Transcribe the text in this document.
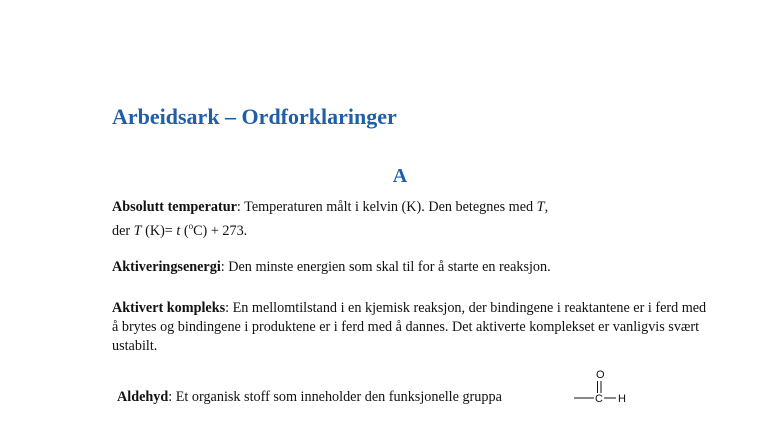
Arbeidsark – Ordforklaringer
A

Absolutt temperatur: Temperaturen målt i kelvin (K). Den betegnes med T,
der T (K)= t ($^o$C) + 273.

Aktiveringsenergi: Den minste energien som skal til for å starte en reaksjon.

Aktivert kompleks: En mellomtilstand i en kjemisk reaksjon, der bindingene i reaktantene er i ferd med å brytes og bindingene i produktene er i ferd med å dannes. Det aktiverte komplekset er vanligvis svært ustabilt.

Aldehyd: Et organisk stoff som inneholder den funksjonelle gruppa

O
C H
